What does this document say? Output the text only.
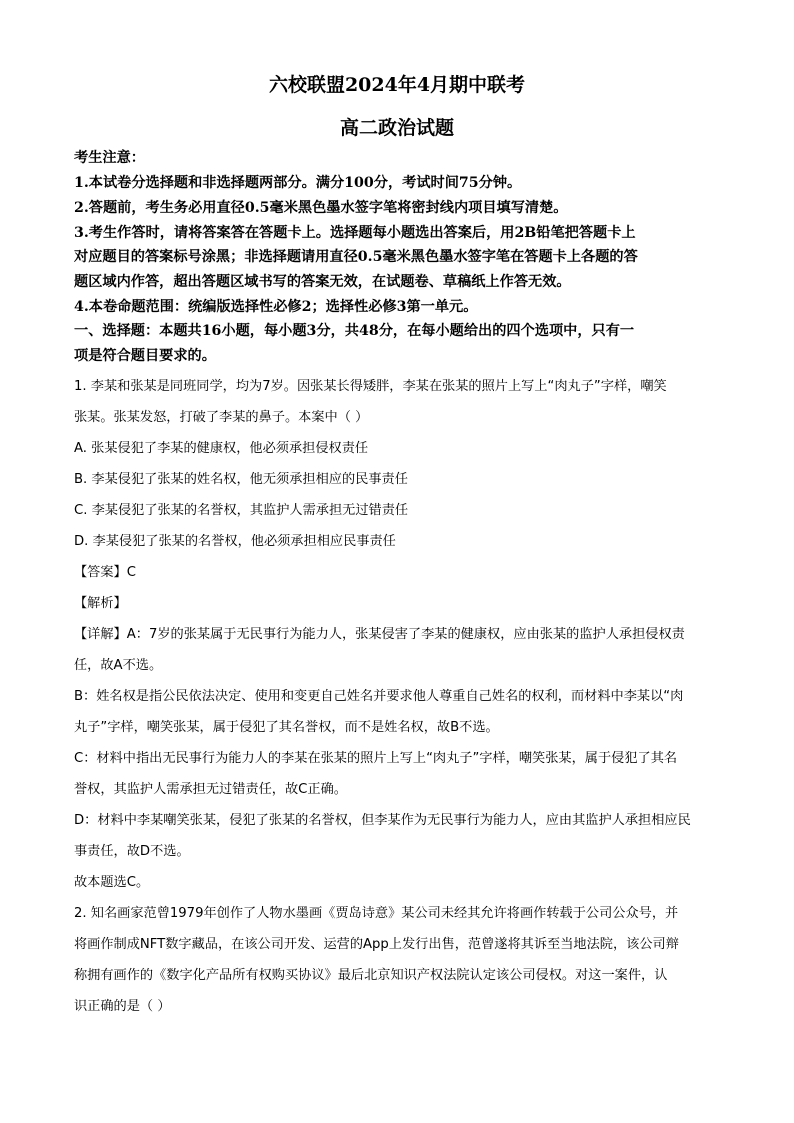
六校联盟2024年4月期中联考
高二政治试题
考生注意：
1.本试卷分选择题和非选择题两部分。满分100分，考试时间75分钟。
2.答题前，考生务必用直径0.5毫米黑色墨水签字笔将密封线内项目填写清楚。
3.考生作答时，请将答案答在答题卡上。选择题每小题选出答案后，用2B铅笔把答题卡上
对应题目的答案标号涂黑；非选择题请用直径0.5毫米黑色墨水签字笔在答题卡上各题的答
题区域内作答，超出答题区域书写的答案无效，在试题卷、草稿纸上作答无效。
4.本卷命题范围：统编版选择性必修2；选择性必修3第一单元。
一、选择题：本题共16小题，每小题3分，共48分，在每小题给出的四个选项中，只有一
项是符合题目要求的。
1. 李某和张某是同班同学，均为7岁。因张某长得矮胖，李某在张某的照片上写上“肉丸子”字样，嘲笑
张某。张某发怒，打破了李某的鼻子。本案中（ ）
A. 张某侵犯了李某的健康权，他必须承担侵权责任
B. 李某侵犯了张某的姓名权，他无须承担相应的民事责任
C. 李某侵犯了张某的名誉权，其监护人需承担无过错责任
D. 李某侵犯了张某的名誉权，他必须承担相应民事责任
【答案】C
【解析】
【详解】A：7岁的张某属于无民事行为能力人，张某侵害了李某的健康权，应由张某的监护人承担侵权责
任，故A不选。
B：姓名权是指公民依法决定、使用和变更自己姓名并要求他人尊重自己姓名的权利，而材料中李某以“肉
丸子”字样，嘲笑张某，属于侵犯了其名誉权，而不是姓名权，故B不选。
C：材料中指出无民事行为能力人的李某在张某的照片上写上“肉丸子”字样，嘲笑张某，属于侵犯了其名
誉权，其监护人需承担无过错责任，故C正确。
D：材料中李某嘲笑张某，侵犯了张某的名誉权，但李某作为无民事行为能力人，应由其监护人承担相应民
事责任，故D不选。
故本题选C。
2. 知名画家范曾1979年创作了人物水墨画《贾岛诗意》某公司未经其允许将画作转载于公司公众号，并
将画作制成NFT数字藏品，在该公司开发、运营的App上发行出售，范曾遂将其诉至当地法院，该公司辩
称拥有画作的《数字化产品所有权购买协议》最后北京知识产权法院认定该公司侵权。对这一案件，认
识正确的是（ ）
